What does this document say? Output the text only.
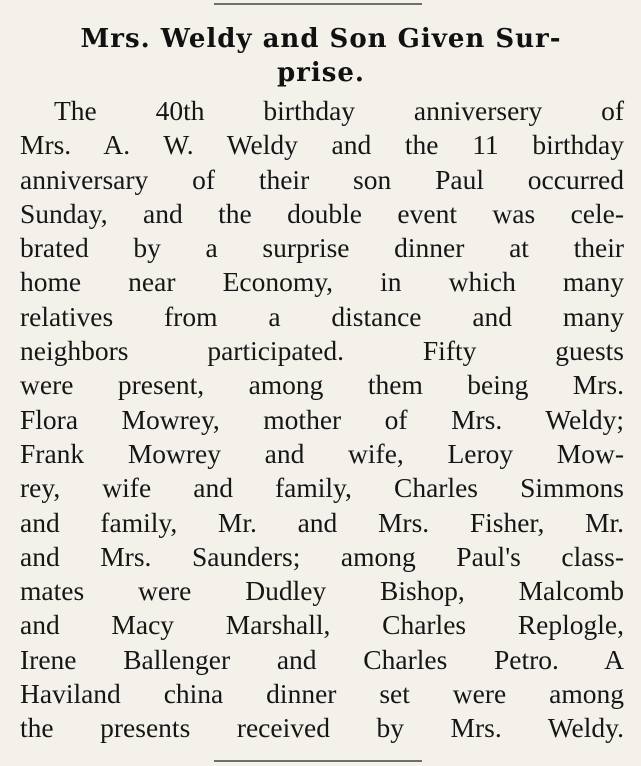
Mrs. Weldy and Son Given Sur-
prise.
The 40th birthday anniversery of
Mrs. A. W. Weldy and the 11 birthday
anniversary of their son Paul occurred
Sunday, and the double event was cele-
brated by a surprise dinner at their
home near Economy, in which many
relatives from a distance and many
neighbors participated. Fifty guests
were present, among them being Mrs.
Flora Mowrey, mother of Mrs. Weldy;
Frank Mowrey and wife, Leroy Mow-
rey, wife and family, Charles Simmons
and family, Mr. and Mrs. Fisher, Mr.
and Mrs. Saunders; among Paul's class-
mates were Dudley Bishop, Malcomb
and Macy Marshall, Charles Replogle,
Irene Ballenger and Charles Petro. A
Haviland china dinner set were among
the presents received by Mrs. Weldy.
